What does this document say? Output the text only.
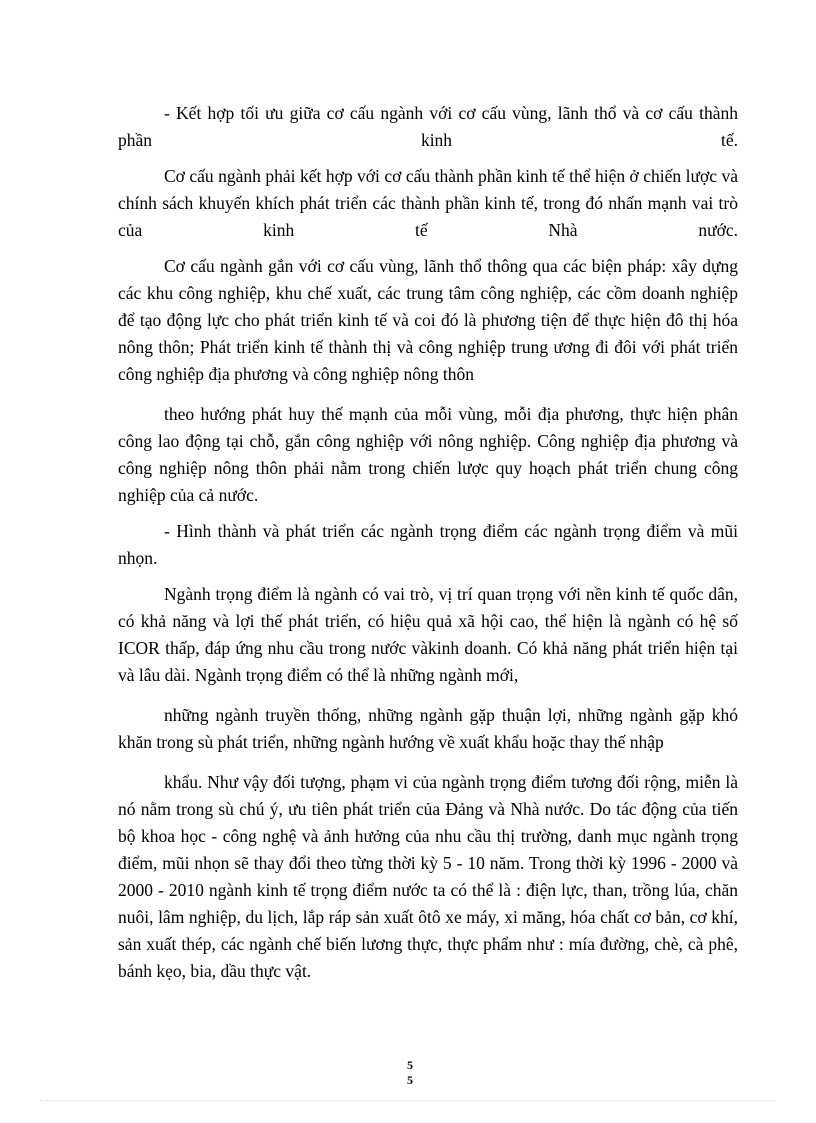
- Kết hợp tối ưu giữa cơ cấu ngành với cơ cấu vùng, lãnh thổ và cơ cấu thành phần kinh tế.

Cơ cấu ngành phải kết hợp với cơ cấu thành phần kinh tế thể hiện ở chiến lược và chính sách khuyến khích phát triển các thành phần kinh tế, trong đó nhấn mạnh vai trò của kinh tế Nhà nước.

Cơ cấu ngành gắn với cơ cấu vùng, lãnh thổ thông qua các biện pháp: xây dựng các khu công nghiệp, khu chế xuất, các trung tâm công nghiệp, các cồm doanh nghiệp để tạo động lực cho phát triển kinh tế và coi đó là phương tiện để thực hiện đô thị hóa nông thôn; Phát triển kinh tế thành thị và công nghiệp trung ương đi đôi với phát triển công nghiệp địa phương và công nghiệp nông thôn

theo hướng phát huy thế mạnh của mỗi vùng, mỗi địa phương, thực hiện phân công lao động tại chỗ, gắn công nghiệp với nông nghiệp. Công nghiệp địa phương và công nghiệp nông thôn phải nằm trong chiến lược quy hoạch phát triển chung công nghiệp của cả nước.

- Hình thành và phát triển các ngành trọng điểm các ngành trọng điểm và mũi nhọn.

Ngành trọng điểm là ngành có vai trò, vị trí quan trọng với nền kinh tế quốc dân, có khả năng và lợi thế phát triển, có hiệu quả xã hội cao, thể hiện là ngành có hệ số ICOR thấp, đáp ứng nhu cầu trong nước vàkinh doanh. Có khả năng phát triển hiện tại và lâu dài. Ngành trọng điểm có thể là những ngành mới,

những ngành truyền thống, những ngành gặp thuận lợi, những ngành gặp khó khăn trong sù phát triển, những ngành hướng về xuất khẩu hoặc thay thế nhập

khẩu. Như vậy đối tượng, phạm vi của ngành trọng điểm tương đối rộng, miễn là nó nằm trong sù chú ý, ưu tiên phát triển của Đảng và Nhà nước. Do tác động của tiến bộ khoa học - công nghệ và ảnh hưởng của nhu cầu thị trường, danh mục ngành trọng điểm, mũi nhọn sẽ thay đổi theo từng thời kỳ 5 - 10 năm. Trong thời kỳ 1996 - 2000 và 2000 - 2010 ngành kinh tế trọng điểm nước ta có thể là : điện lực, than, trồng lúa, chăn nuôi, lâm nghiệp, du lịch, lắp ráp sản xuất ôtô xe máy, xi măng, hóa chất cơ bản, cơ khí, sản xuất thép, các ngành chế biến lương thực, thực phẩm như : mía đường, chè, cà phê, bánh kẹo, bia, dầu thực vật.

5
5
